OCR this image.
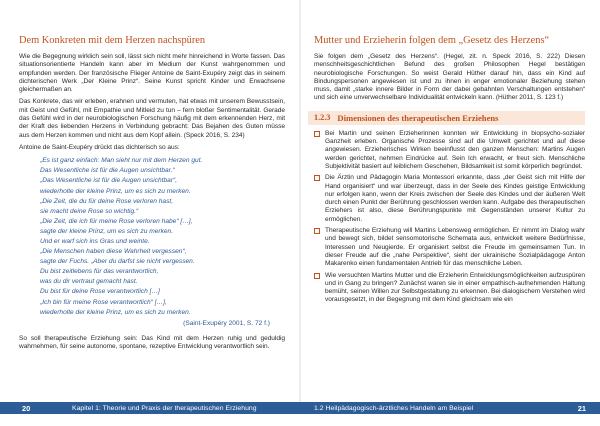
Dem Konkreten mit dem Herzen nachspüren

Wie die Begegnung wirklich sein soll, lässt sich nicht mehr hinreichend in Worte fassen. Das situationsorientierte Handeln kann aber im Medium der Kunst wahrgenommen und empfunden werden. Der französische Flieger Antoine de Saint-Exupéry zeigt das in seinem dichterischen Werk „Der Kleine Prinz“. Seine Kunst spricht Kinder und Erwachsene gleichermaßen an.

Das Konkrete, das wir erleben, erahnen und vermuten, hat etwas mit unserem Bewusstsein, mit Geist und Gefühl, mit Empathie und Mitleid zu tun – fern bloßer Sentimentalität. Gerade das Gefühl wird in der neurobiologischen Forschung häufig mit dem erkennenden Herz, mit der Kraft des liebenden Herzens in Verbindung gebracht: Das Bejahen des Guten müsse aus dem Herzen kommen und nicht aus dem Kopf allein. (Speck 2016, S. 234)

Antoine de Saint-Exupéry drückt das dichterisch so aus:

„Es ist ganz einfach: Man sieht nur mit dem Herzen gut.
Das Wesentliche ist für die Augen unsichtbar.“
„Das Wesentliche ist für die Augen unsichtbar“,
wiederholte der kleine Prinz, um es sich zu merken.
„Die Zeit, die du für deine Rose verloren hast,
sie macht deine Rose so wichtig.“
„Die Zeit, die ich für meine Rose verloren habe“ […],
sagte der kleine Prinz, um es sich zu merken.
Und er warf sich ins Gras und weinte.
„Die Menschen haben diese Wahrheit vergessen“,
sagte der Fuchs. „Aber du darfst sie nicht vergessen.
Du bist zeitlebens für das verantwortlich,
was du dir vertraut gemacht hast.
Du bist für deine Rose verantwortlich […]
„Ich bin für meine Rose verantwortlich“ […],
wiederholte der kleine Prinz, um es sich zu merken.
(Saint-Exupéry 2001, S. 72 f.)

So soll therapeutische Erziehung sein: Das Kind mit dem Herzen ruhig und geduldig wahrnehmen, für seine autonome, spontane, rezeptive Entwicklung verantwortlich sein.

20	Kapitel 1: Theorie und Praxis der therapeutischen Erziehung
Mutter und Erzieherin folgen dem „Gesetz des Herzens“

Sie folgen dem „Gesetz des Herzens“. (Hegel, zit. n. Speck 2016, S. 222) Diesen menschheitsgeschichtlichen Befund des großen Philosophen Hegel bestätigen neurobiologische Forschungen. So weist Gerald Hüther darauf hin, dass ein Kind auf Bindungspersonen angewiesen ist und zu ihnen in enger emotionaler Beziehung stehen muss, damit „starke innere Bilder in Form der dabei gebahnten Verschaltungen entstehen“ und sich eine unverwechselbare Individualität entwickeln kann. (Hüther 2011, S. 123 f.)

1.2.3 Dimensionen des therapeutischen Erziehens

Bei Martin und seinen Erzieherinnen konnten wir Entwicklung in biopsycho-sozialer Ganzheit erleben. Organische Prozesse sind auf die Umwelt gerichtet und auf diese angewiesen. Erzieherisches Wirken beeinflusst den ganzen Menschen: Martins Augen werden gerichtet, nehmen Eindrücke auf. Sein Ich erwacht, er freut sich. Menschliche Subjektivität basiert auf leiblichem Geschehen, Bildsamkeit ist somit körperlich begründet.

Die Ärztin und Pädagogin Maria Montessori erkannte, dass „der Geist sich mit Hilfe der Hand organisiert“ und war überzeugt, dass in der Seele des Kindes geistige Entwicklung nur erfolgen kann, wenn der Kreis zwischen der Seele des Kindes und der äußeren Welt durch einen Punkt der Berührung geschlossen werden kann. Aufgabe des therapeutischen Erziehers ist also, diese Berührungspunkte mit Gegenständen unserer Kultur zu ermöglichen.

Therapeutische Erziehung will Martins Lebensweg ermöglichen. Er nimmt im Dialog wahr und bewegt sich, bildet sensomotorische Schemata aus, entwickelt weitere Bedürfnisse, Interessen und Neugierde. Er organisiert selbst die Freude im gemeinsamen Tun. In dieser Freude auf die „nahe Perspektive“, sieht der ukrainische Sozialpädagoge Anton Makarenko einen fundamentalen Antrieb für das menschliche Leben.

Wie versuchten Martins Mutter und die Erzieherin Entwicklungsmöglichkeiten aufzuspüren und in Gang zu bringen? Zunächst waren sie in einer empathisch-aufnehmenden Haltung bemüht, seinen Willen zur Selbstgestaltung zu erkennen. Bei dialogischem Verstehen wird vorausgesetzt, in der Begegnung mit dem Kind gleichsam wie ein

1.2 Heilpädagogisch-ärztliches Handeln am Beispiel	21
